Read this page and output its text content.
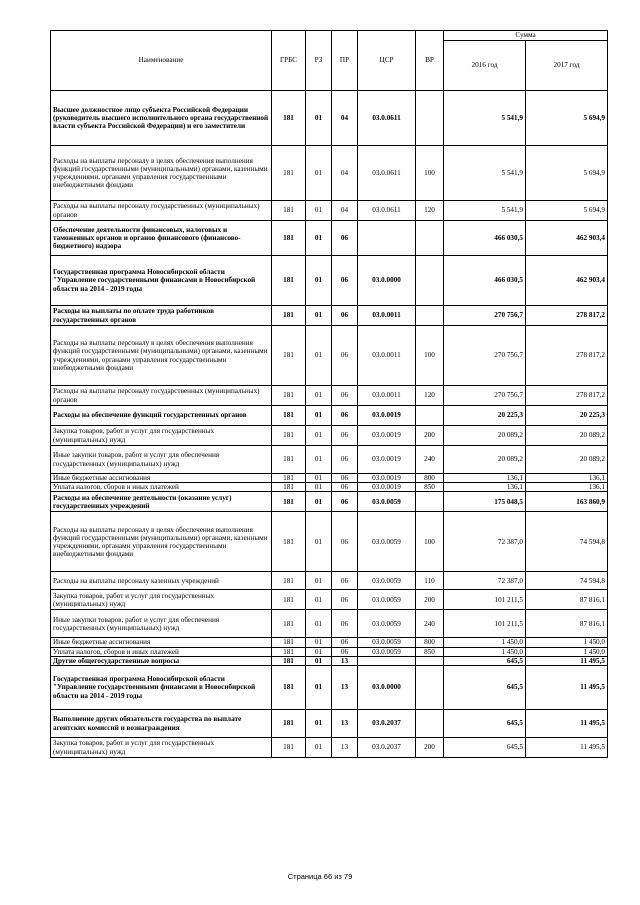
Наименование	ГРБС	РЗ	ПР	ЦСР	ВР	Сумма	
						2016 год	2017 год
Высшее должностное лицо субъекта Российской Федерации (руководитель высшего исполнительного органа государственной власти субъекта Российской Федерации) и его заместители	181	01	04	03.0.0611		5 541,9	5 694,9
Расходы на выплаты персоналу в целях обеспечения выполнения функций государственными (муниципальными) органами, казенными учреждениями, органами управления государственными внебюджетными фондами	181	01	04	03.0.0611	100	5 541,9	5 694,9
Расходы на выплаты персоналу государственных (муниципальных) органов	181	01	04	03.0.0611	120	5 541,9	5 694,9
Обеспечение деятельности финансовых, налоговых и таможенных органов и органов финансового (финансово-бюджетного) надзора	181	01	06			466 030,5	462 903,4
Государственная программа Новосибирской области "Управление государственными финансами в Новосибирской области на 2014 - 2019 годы	181	01	06	03.0.0000		466 030,5	462 903,4
Расходы на выплаты по оплате труда работников государственных органов	181	01	06	03.0.0011		270 756,7	278 817,2
Расходы на выплаты персоналу в целях обеспечения выполнения функций государственными (муниципальными) органами, казенными учреждениями, органами управления государственными внебюджетными фондами	181	01	06	03.0.0011	100	270 756,7	278 817,2
Расходы на выплаты персоналу государственных (муниципальных) органов	181	01	06	03.0.0011	120	270 756,7	278 817,2
Расходы на обеспечение функций государственных органов	181	01	06	03.0.0019		20 225,3	20 225,3
Закупка товаров, работ и услуг для государственных (муниципальных) нужд	181	01	06	03.0.0019	200	20 089,2	20 089,2
Иные закупки товаров, работ и услуг для обеспечения государственных (муниципальных) нужд	181	01	06	03.0.0019	240	20 089,2	20 089,2
Иные бюджетные ассигнования	181	01	06	03.0.0019	800	136,1	136,1
Уплата налогов, сборов и иных платежей	181	01	06	03.0.0019	850	136,1	136,1
Расходы на обеспечение деятельности (оказание услуг) государственных учреждений	181	01	06	03.0.0059		175 048,5	163 860,9
Расходы на выплаты персоналу в целях обеспечения выполнения функций государственными (муниципальными) органами, казенными учреждениями, органами управления государственными внебюджетными фондами	181	01	06	03.0.0059	100	72 387,0	74 594,8
Расходы на выплаты персоналу казенных учреждений	181	01	06	03.0.0059	110	72 387,0	74 594,8
Закупка товаров, работ и услуг для государственных (муниципальных) нужд	181	01	06	03.0.0059	200	101 211,5	87 816,1
Иные закупки товаров, работ и услуг для обеспечения государственных (муниципальных) нужд	181	01	06	03.0.0059	240	101 211,5	87 816,1
Иные бюджетные ассигнования	181	01	06	03.0.0059	800	1 450,0	1 450,0
Уплата налогов, сборов и иных платежей	181	01	06	03.0.0059	850	1 450,0	1 450,0
Другие общегосударственные вопросы	181	01	13			645,5	11 495,5
Государственная программа Новосибирской области "Управление государственными финансами в Новосибирской области на 2014 - 2019 годы	181	01	13	03.0.0000		645,5	11 495,5
Выполнение других обязательств государства по выплате агентских комиссий и вознаграждения	181	01	13	03.0.2037		645,5	11 495,5
Закупка товаров, работ и услуг для государственных (муниципальных) нужд	181	01	13	03.0.2037	200	645,5	11 495,5
Страница 66 из 79
